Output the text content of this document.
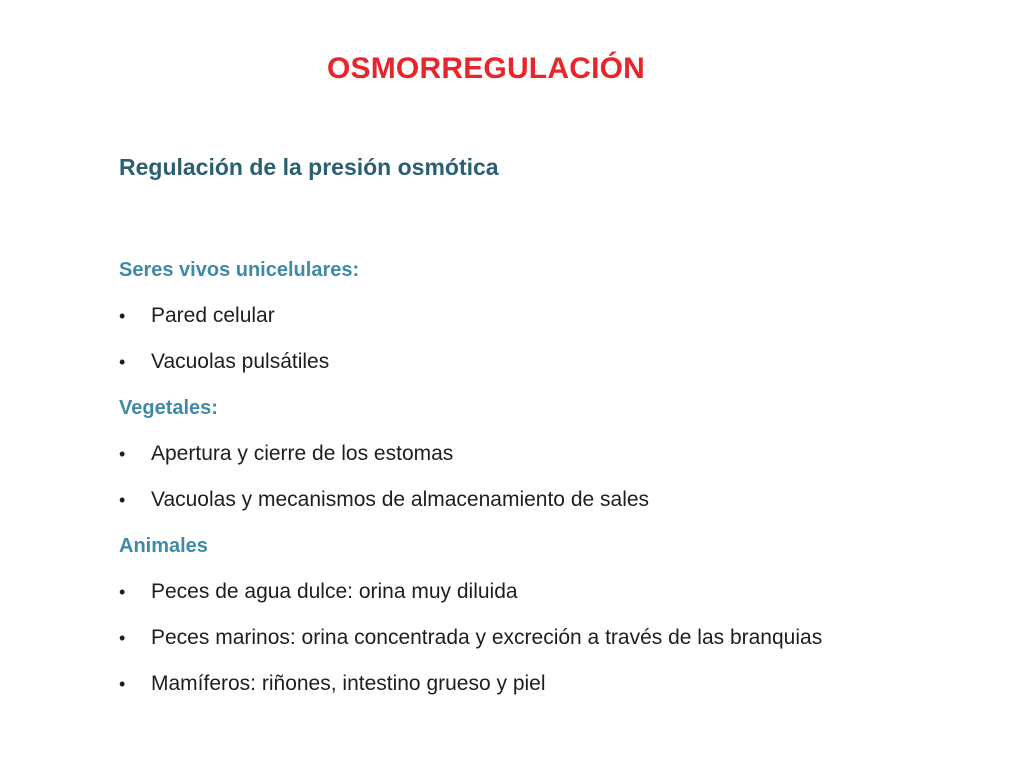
OSMORREGULACIÓN
Regulación de la presión osmótica
Seres vivos unicelulares:
• Pared celular
• Vacuolas pulsátiles
Vegetales:
• Apertura y cierre de los estomas
• Vacuolas y mecanismos de almacenamiento de sales
Animales
• Peces de agua dulce: orina muy diluida
• Peces marinos: orina concentrada y excreción a través de las branquias
• Mamíferos: riñones, intestino grueso y piel
